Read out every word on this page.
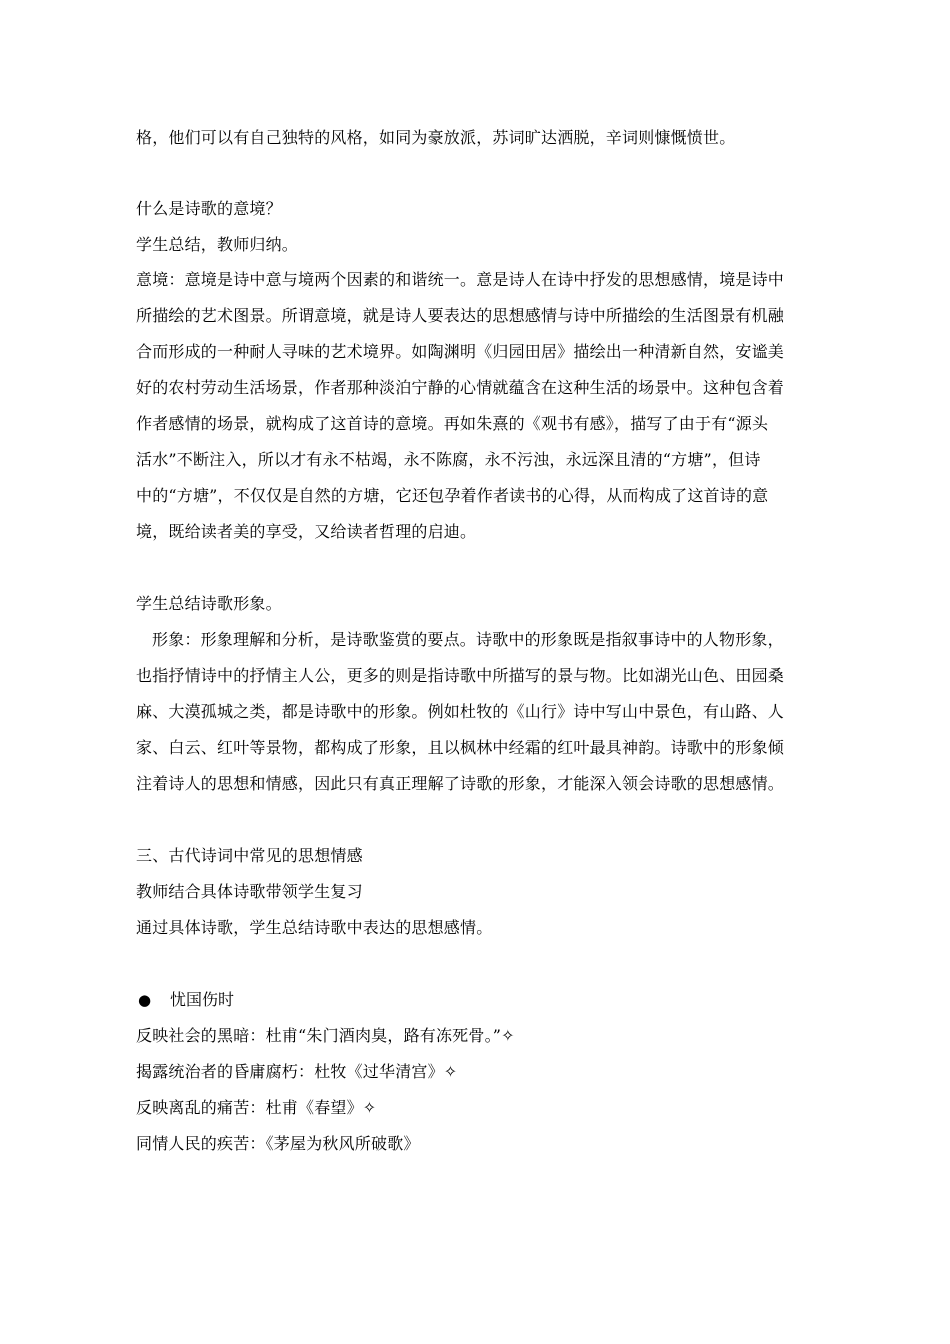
格，他们可以有自己独特的风格，如同为豪放派，苏词旷达洒脱，辛词则慷慨愤世。
什么是诗歌的意境？
学生总结，教师归纳。
意境：意境是诗中意与境两个因素的和谐统一。意是诗人在诗中抒发的思想感情，境是诗中
所描绘的艺术图景。所谓意境，就是诗人要表达的思想感情与诗中所描绘的生活图景有机融
合而形成的一种耐人寻味的艺术境界。如陶渊明《归园田居》描绘出一种清新自然，安谧美
好的农村劳动生活场景，作者那种淡泊宁静的心情就蕴含在这种生活的场景中。这种包含着
作者感情的场景，就构成了这首诗的意境。再如朱熹的《观书有感》，描写了由于有“源头
活水”不断注入，所以才有永不枯竭，永不陈腐，永不污浊，永远深且清的“方塘”，但诗
中的“方塘”，不仅仅是自然的方塘，它还包孕着作者读书的心得，从而构成了这首诗的意
境，既给读者美的享受，又给读者哲理的启迪。
学生总结诗歌形象。
形象：形象理解和分析，是诗歌鉴赏的要点。诗歌中的形象既是指叙事诗中的人物形象，
也指抒情诗中的抒情主人公，更多的则是指诗歌中所描写的景与物。比如湖光山色、田园桑
麻、大漠孤城之类，都是诗歌中的形象。例如杜牧的《山行》诗中写山中景色，有山路、人
家、白云、红叶等景物，都构成了形象，且以枫林中经霜的红叶最具神韵。诗歌中的形象倾
注着诗人的思想和情感，因此只有真正理解了诗歌的形象，才能深入领会诗歌的思想感情。
三、古代诗词中常见的思想情感
教师结合具体诗歌带领学生复习
通过具体诗歌，学生总结诗歌中表达的思想感情。
● 忧国伤时
反映社会的黑暗：杜甫“朱门酒肉臭，路有冻死骨。”✧
揭露统治者的昏庸腐朽：杜牧《过华清宫》✧
反映离乱的痛苦：杜甫《春望》✧
同情人民的疾苦：《茅屋为秋风所破歌》
